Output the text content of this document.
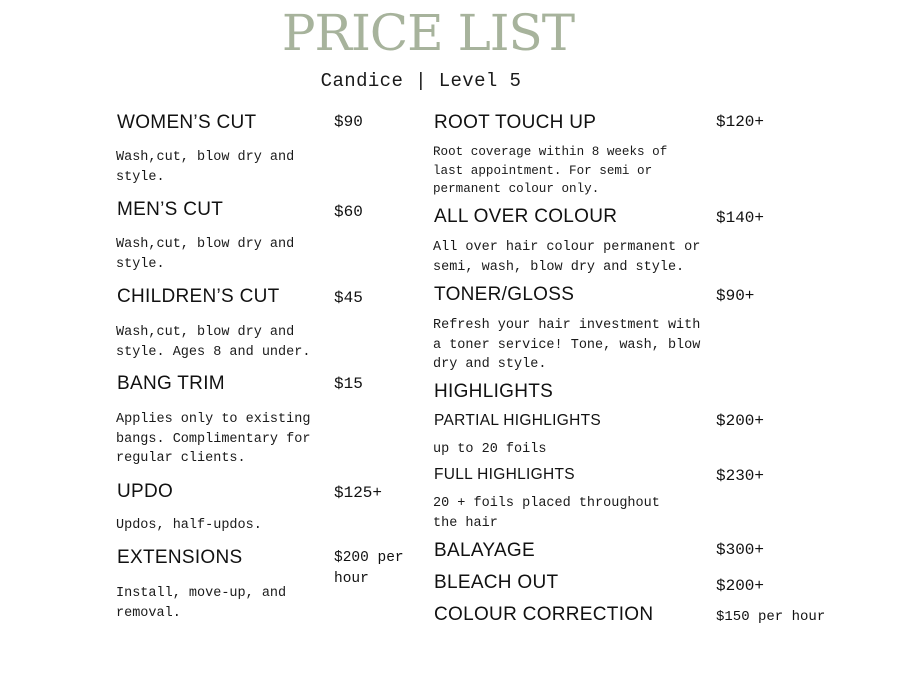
PRICE LIST
Candice | Level 5
WOMEN’S CUT	$90
Wash,cut, blow dry and style.
MEN’S CUT	$60
Wash,cut, blow dry and style.
CHILDREN’S CUT	$45
Wash,cut, blow dry and style. Ages 8 and under.
BANG TRIM	$15
Applies only to existing bangs. Complimentary for regular clients.
UPDO	$125+
Updos, half-updos.
EXTENSIONS	$200 per hour
Install, move-up, and removal.
ROOT TOUCH UP	$120+
Root coverage within 8 weeks of last appointment. For semi or permanent colour only.
ALL OVER COLOUR	$140+
All over hair colour permanent or semi, wash, blow dry and style.
TONER/GLOSS	$90+
Refresh your hair investment with a toner service! Tone, wash, blow dry and style.
HIGHLIGHTS
PARTIAL HIGHLIGHTS	$200+
up to 20 foils
FULL HIGHLIGHTS	$230+
20 + foils placed throughout the hair
BALAYAGE	$300+
BLEACH OUT	$200+
COLOUR CORRECTION	$150 per hour
